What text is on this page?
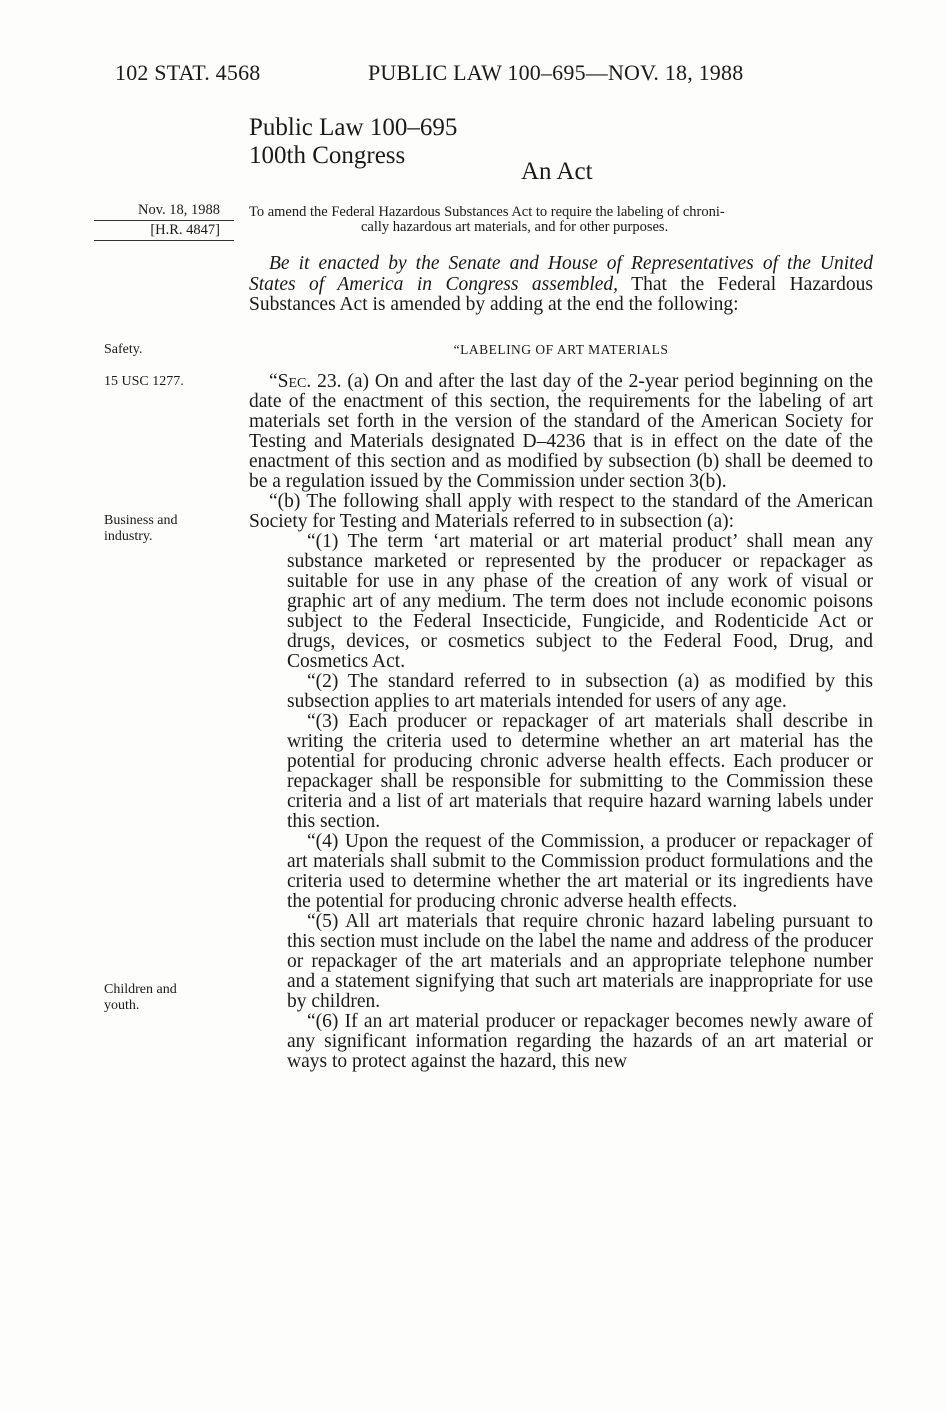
102 STAT. 4568	PUBLIC LAW 100–695—NOV. 18, 1988
Public Law 100–695
100th Congress
An Act
Nov. 18, 1988
[H.R. 4847]
To amend the Federal Hazardous Substances Act to require the labeling of chroni-
cally hazardous art materials, and for other purposes.

Be it enacted by the Senate and House of Representatives of the United States of America in Congress assembled, That the Federal Hazardous Substances Act is amended by adding at the end the following:

Safety.	“LABELING OF ART MATERIALS
15 USC 1277.
Business and
industry.
Children and
youth.

“Sec. 23. (a) On and after the last day of the 2-year period beginning on the date of the enactment of this section, the requirements for the labeling of art materials set forth in the version of the standard of the American Society for Testing and Materials designated D–4236 that is in effect on the date of the enactment of this section and as modified by subsection (b) shall be deemed to be a regulation issued by the Commission under section 3(b).

“(b) The following shall apply with respect to the standard of the American Society for Testing and Materials referred to in subsection (a):

“(1) The term ‘art material or art material product’ shall mean any substance marketed or represented by the producer or repackager as suitable for use in any phase of the creation of any work of visual or graphic art of any medium. The term does not include economic poisons subject to the Federal Insecticide, Fungicide, and Rodenticide Act or drugs, devices, or cosmetics subject to the Federal Food, Drug, and Cosmetics Act.

“(2) The standard referred to in subsection (a) as modified by this subsection applies to art materials intended for users of any age.

“(3) Each producer or repackager of art materials shall describe in writing the criteria used to determine whether an art material has the potential for producing chronic adverse health effects. Each producer or repackager shall be responsible for submitting to the Commission these criteria and a list of art materials that require hazard warning labels under this section.

“(4) Upon the request of the Commission, a producer or repackager of art materials shall submit to the Commission product formulations and the criteria used to determine whether the art material or its ingredients have the potential for producing chronic adverse health effects.

“(5) All art materials that require chronic hazard labeling pursuant to this section must include on the label the name and address of the producer or repackager of the art materials and an appropriate telephone number and a statement signifying that such art materials are inappropriate for use by children.

“(6) If an art material producer or repackager becomes newly aware of any significant information regarding the hazards of an art material or ways to protect against the hazard, this new
